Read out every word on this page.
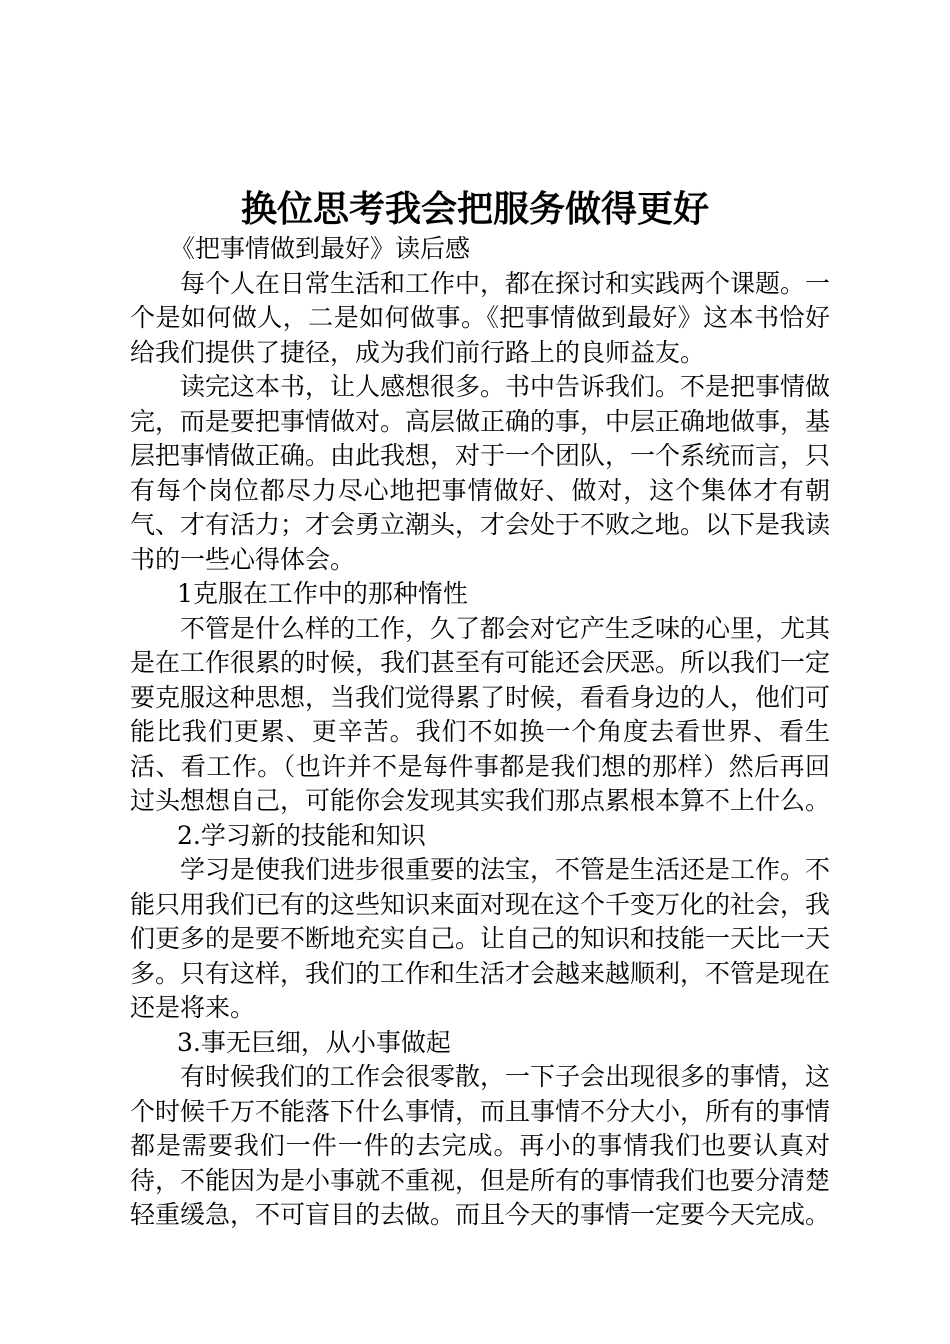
换位思考我会把服务做得更好

《把事情做到最好》读后感

每个人在日常生活和工作中，都在探讨和实践两个课题。一个是如何做人，二是如何做事。《把事情做到最好》这本书恰好给我们提供了捷径，成为我们前行路上的良师益友。

读完这本书，让人感想很多。书中告诉我们。不是把事情做完，而是要把事情做对。高层做正确的事，中层正确地做事，基层把事情做正确。由此我想，对于一个团队，一个系统而言，只有每个岗位都尽力尽心地把事情做好、做对，这个集体才有朝气、才有活力；才会勇立潮头，才会处于不败之地。以下是我读书的一些心得体会。

1克服在工作中的那种惰性

不管是什么样的工作，久了都会对它产生乏味的心里，尤其是在工作很累的时候，我们甚至有可能还会厌恶。所以我们一定要克服这种思想，当我们觉得累了时候，看看身边的人，他们可能比我们更累、更辛苦。我们不如换一个角度去看世界、看生活、看工作。（也许并不是每件事都是我们想的那样）然后再回过头想想自己，可能你会发现其实我们那点累根本算不上什么。

2.学习新的技能和知识

学习是使我们进步很重要的法宝，不管是生活还是工作。不能只用我们已有的这些知识来面对现在这个千变万化的社会，我们更多的是要不断地充实自己。让自己的知识和技能一天比一天多。只有这样，我们的工作和生活才会越来越顺利，不管是现在还是将来。

3.事无巨细，从小事做起

有时候我们的工作会很零散，一下子会出现很多的事情，这个时候千万不能落下什么事情，而且事情不分大小，所有的事情都是需要我们一件一件的去完成。再小的事情我们也要认真对待，不能因为是小事就不重视，但是所有的事情我们也要分清楚轻重缓急，不可盲目的去做。而且今天的事情一定要今天完成。
